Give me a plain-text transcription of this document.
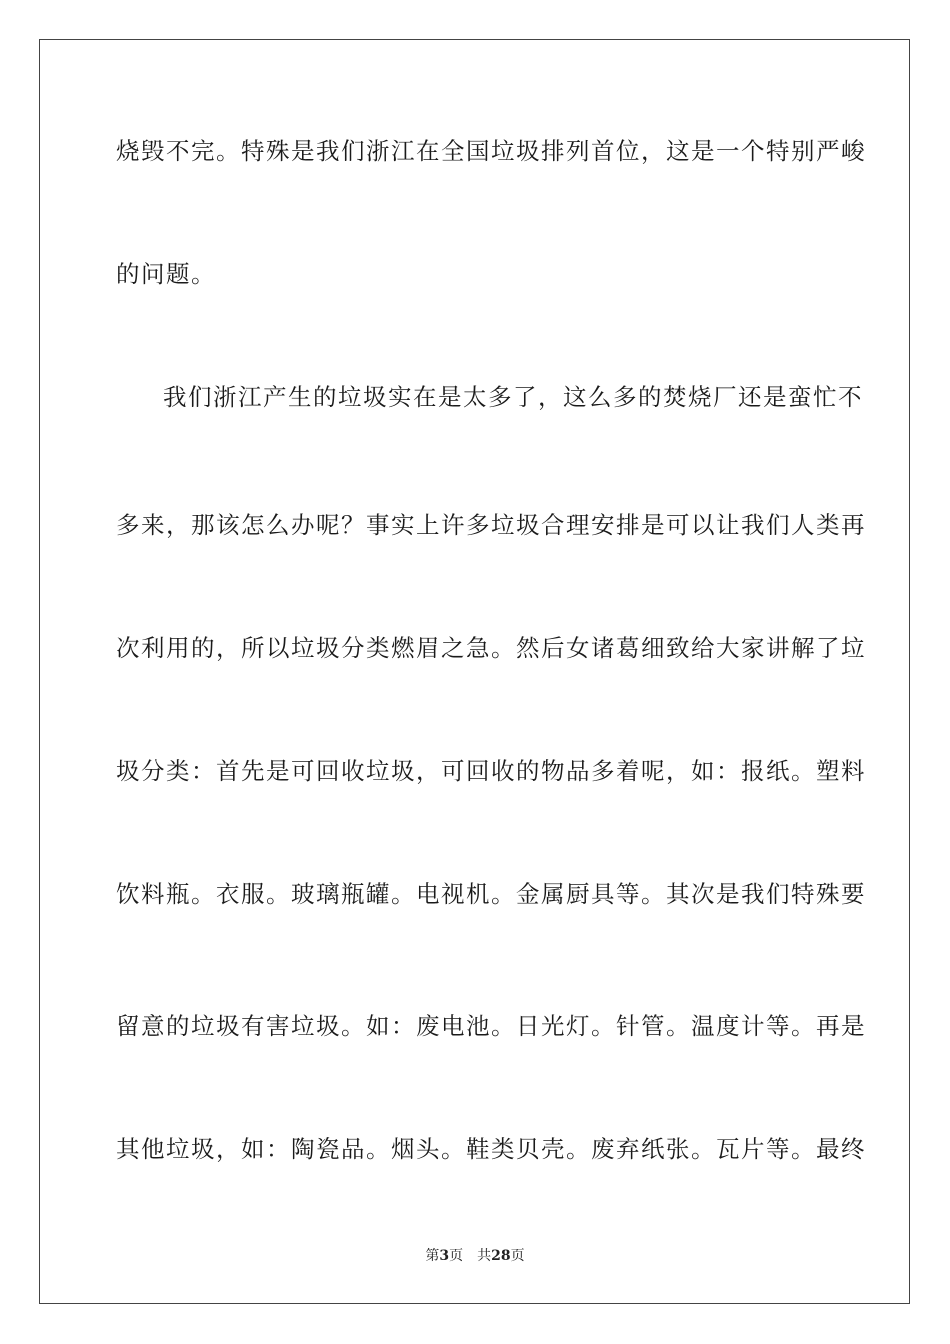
烧毁不完。特殊是我们浙江在全国垃圾排列首位，这是一个特别严峻
的问题。
我们浙江产生的垃圾实在是太多了，这么多的焚烧厂还是蛮忙不
多来，那该怎么办呢？事实上许多垃圾合理安排是可以让我们人类再
次利用的，所以垃圾分类燃眉之急。然后女诸葛细致给大家讲解了垃
圾分类：首先是可回收垃圾，可回收的物品多着呢，如：报纸。塑料
饮料瓶。衣服。玻璃瓶罐。电视机。金属厨具等。其次是我们特殊要
留意的垃圾有害垃圾。如：废电池。日光灯。针管。温度计等。再是
其他垃圾，如：陶瓷品。烟头。鞋类贝壳。废弃纸张。瓦片等。最终
第3页 共28页
